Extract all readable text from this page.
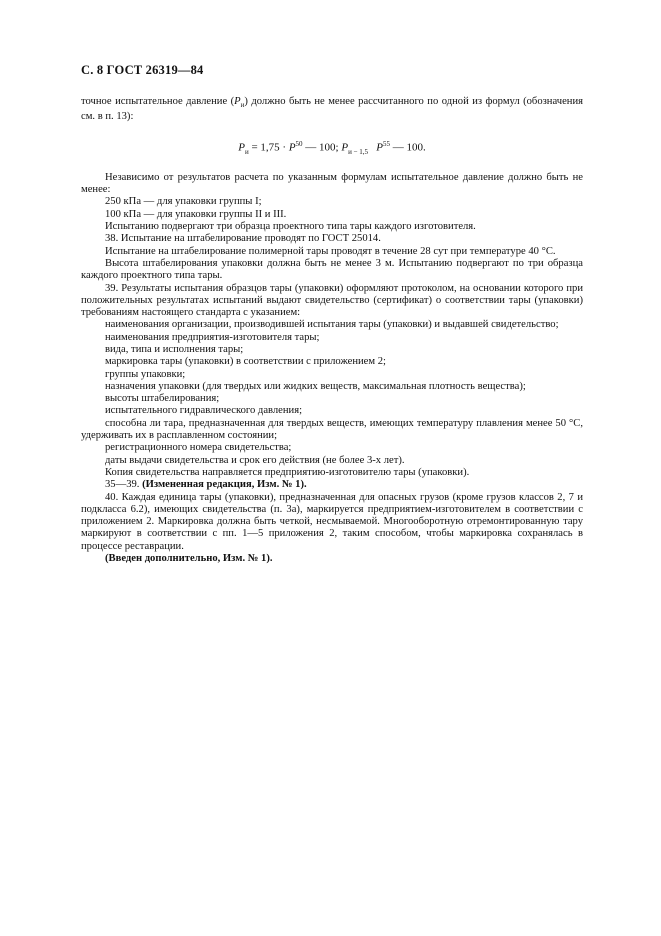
С. 8 ГОСТ 26319—84

точное испытательное давление $(P_и)$ должно быть не менее рассчитанного по одной из формул (обозначения см. в п. 13):

$P_и = 1,75 \cdot P^{50}$ — 100; $P_{и - 1,5}$ $P^{55}$ — 100.

Независимо от результатов расчета по указанным формулам испытательное давление должно быть не менее:

250 кПа — для упаковки группы I;

100 кПа — для упаковки группы II и III.

Испытанию подвергают три образца проектного типа тары каждого изготовителя.

38. Испытание на штабелирование проводят по ГОСТ 25014.

Испытание на штабелирование полимерной тары проводят в течение 28 сут при температуре 40 °С.

Высота штабелирования упаковки должна быть не менее 3 м. Испытанию подвергают по три образца каждого проектного типа тары.

39. Результаты испытания образцов тары (упаковки) оформляют протоколом, на основании которого при положительных результатах испытаний выдают свидетельство (сертификат) о соответствии тары (упаковки) требованиям настоящего стандарта с указанием:

наименования организации, производившей испытания тары (упаковки) и выдавшей свидетельство;

наименования предприятия-изготовителя тары;

вида, типа и исполнения тары;

маркировка тары (упаковки) в соответствии с приложением 2;

группы упаковки;

назначения упаковки (для твердых или жидких веществ, максимальная плотность вещества);

высоты штабелирования;

испытательного гидравлического давления;

способна ли тара, предназначенная для твердых веществ, имеющих температуру плавления менее 50 °С, удерживать их в расплавленном состоянии;

регистрационного номера свидетельства;

даты выдачи свидетельства и срок его действия (не более 3-х лет).

Копия свидетельства направляется предприятию-изготовителю тары (упаковки).

35—39. (Измененная редакция, Изм. № 1).

40. Каждая единица тары (упаковки), предназначенная для опасных грузов (кроме грузов классов 2, 7 и подкласса 6.2), имеющих свидетельства (п. 3а), маркируется предприятием-изготовителем в соответствии с приложением 2. Маркировка должна быть четкой, несмываемой. Многооборотную отремонтированную тару маркируют в соответствии с пп. 1—5 приложения 2, таким способом, чтобы маркировка сохранялась в процессе реставрации.

(Введен дополнительно, Изм. № 1).
